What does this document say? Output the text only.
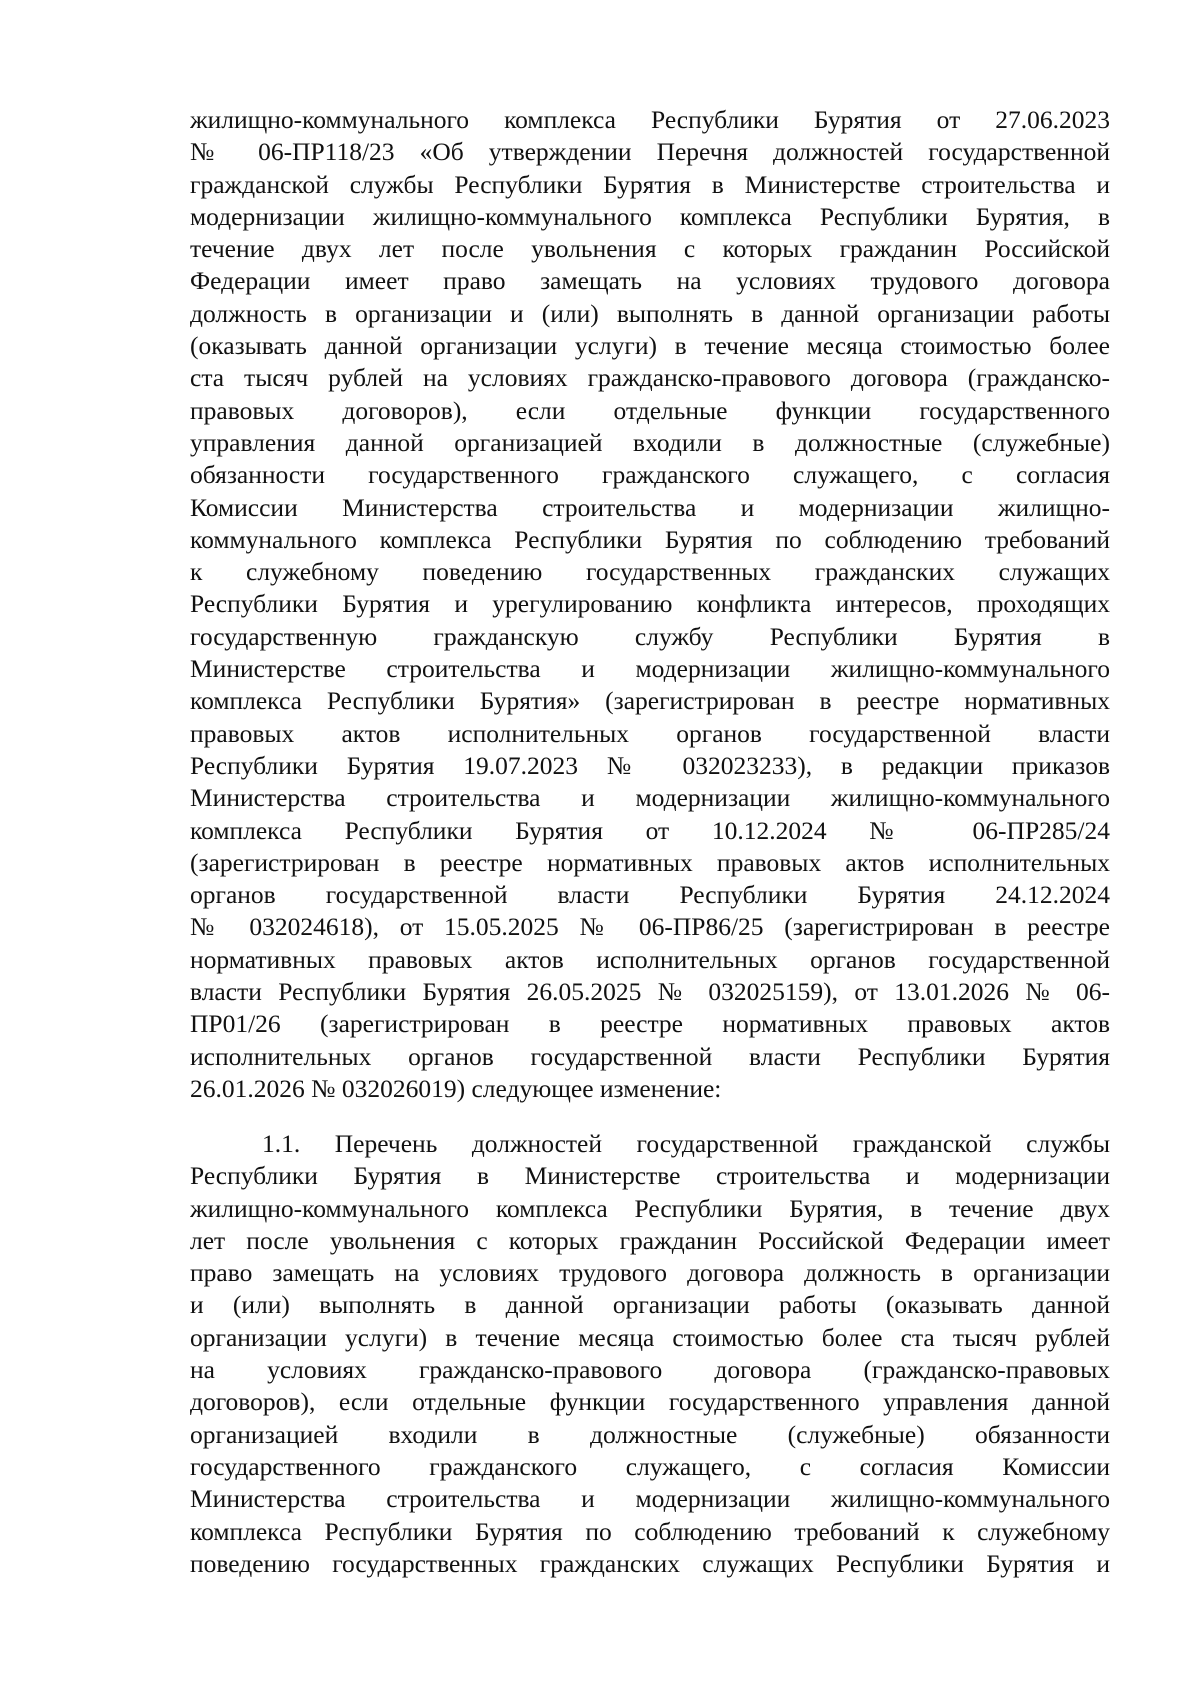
жилищно-коммунального комплекса Республики Бурятия от 27.06.2023
№ 06-ПР118/23 «Об утверждении Перечня должностей государственной
гражданской службы Республики Бурятия в Министерстве строительства и
модернизации жилищно-коммунального комплекса Республики Бурятия, в
течение двух лет после увольнения с которых гражданин Российской
Федерации имеет право замещать на условиях трудового договора
должность в организации и (или) выполнять в данной организации работы
(оказывать данной организации услуги) в течение месяца стоимостью более
ста тысяч рублей на условиях гражданско-правового договора (гражданско-
правовых договоров), если отдельные функции государственного
управления данной организацией входили в должностные (служебные)
обязанности государственного гражданского служащего, с согласия
Комиссии Министерства строительства и модернизации жилищно-
коммунального комплекса Республики Бурятия по соблюдению требований
к служебному поведению государственных гражданских служащих
Республики Бурятия и урегулированию конфликта интересов, проходящих
государственную гражданскую службу Республики Бурятия в
Министерстве строительства и модернизации жилищно-коммунального
комплекса Республики Бурятия» (зарегистрирован в реестре нормативных
правовых актов исполнительных органов государственной власти
Республики Бурятия 19.07.2023 № 032023233), в редакции приказов
Министерства строительства и модернизации жилищно-коммунального
комплекса Республики Бурятия от 10.12.2024 № 06-ПР285/24
(зарегистрирован в реестре нормативных правовых актов исполнительных
органов государственной власти Республики Бурятия 24.12.2024
№ 032024618), от 15.05.2025 № 06-ПР86/25 (зарегистрирован в реестре
нормативных правовых актов исполнительных органов государственной
власти Республики Бурятия 26.05.2025 № 032025159), от 13.01.2026 № 06-
ПР01/26 (зарегистрирован в реестре нормативных правовых актов
исполнительных органов государственной власти Республики Бурятия
26.01.2026 № 032026019) следующее изменение:
1.1. Перечень должностей государственной гражданской службы
Республики Бурятия в Министерстве строительства и модернизации
жилищно-коммунального комплекса Республики Бурятия, в течение двух
лет после увольнения с которых гражданин Российской Федерации имеет
право замещать на условиях трудового договора должность в организации
и (или) выполнять в данной организации работы (оказывать данной
организации услуги) в течение месяца стоимостью более ста тысяч рублей
на условиях гражданско-правового договора (гражданско-правовых
договоров), если отдельные функции государственного управления данной
организацией входили в должностные (служебные) обязанности
государственного гражданского служащего, с согласия Комиссии
Министерства строительства и модернизации жилищно-коммунального
комплекса Республики Бурятия по соблюдению требований к служебному
поведению государственных гражданских служащих Республики Бурятия и
